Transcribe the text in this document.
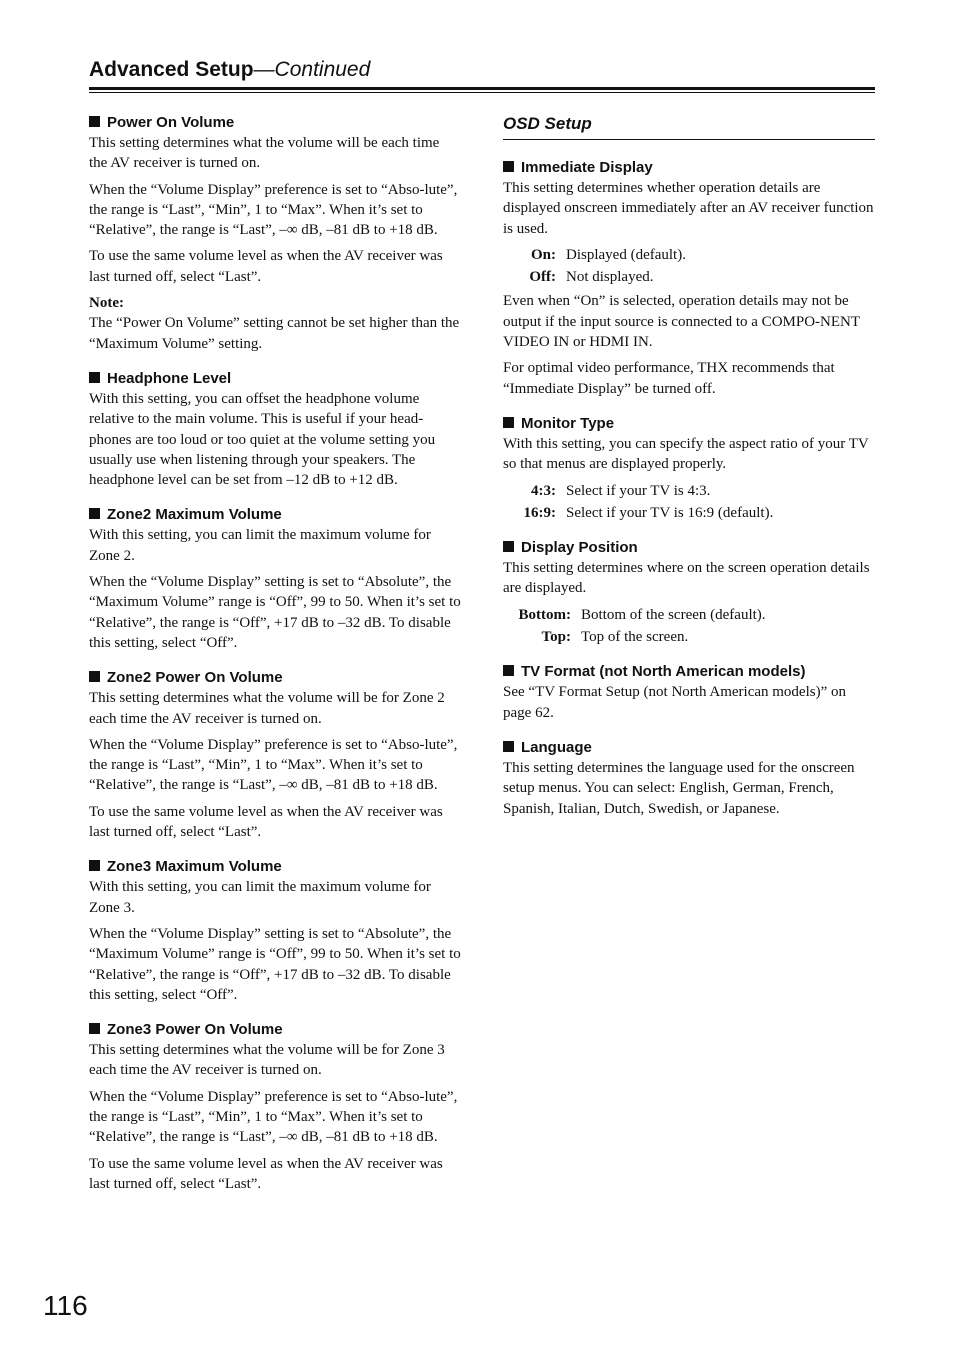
Advanced Setup—Continued
Power On Volume

This setting determines what the volume will be each time the AV receiver is turned on.

When the “Volume Display” preference is set to “Abso-lute”, the range is “Last”, “Min”, 1 to “Max”. When it’s set to “Relative”, the range is “Last”, –∞ dB, –81 dB to +18 dB.

To use the same volume level as when the AV receiver was last turned off, select “Last”.

Note:

The “Power On Volume” setting cannot be set higher than the “Maximum Volume” setting.

Headphone Level

With this setting, you can offset the headphone volume relative to the main volume. This is useful if your head-phones are too loud or too quiet at the volume setting you usually use when listening through your speakers. The headphone level can be set from –12 dB to +12 dB.

Zone2 Maximum Volume

With this setting, you can limit the maximum volume for Zone 2.

When the “Volume Display” setting is set to “Absolute”, the “Maximum Volume” range is “Off”, 99 to 50. When it’s set to “Relative”, the range is “Off”, +17 dB to –32 dB. To disable this setting, select “Off”.

Zone2 Power On Volume

This setting determines what the volume will be for Zone 2 each time the AV receiver is turned on.

When the “Volume Display” preference is set to “Abso-lute”, the range is “Last”, “Min”, 1 to “Max”. When it’s set to “Relative”, the range is “Last”, –∞ dB, –81 dB to +18 dB.

To use the same volume level as when the AV receiver was last turned off, select “Last”.

Zone3 Maximum Volume

With this setting, you can limit the maximum volume for Zone 3.

When the “Volume Display” setting is set to “Absolute”, the “Maximum Volume” range is “Off”, 99 to 50. When it’s set to “Relative”, the range is “Off”, +17 dB to –32 dB. To disable this setting, select “Off”.

Zone3 Power On Volume

This setting determines what the volume will be for Zone 3 each time the AV receiver is turned on.

When the “Volume Display” preference is set to “Abso-lute”, the range is “Last”, “Min”, 1 to “Max”. When it’s set to “Relative”, the range is “Last”, –∞ dB, –81 dB to +18 dB.

To use the same volume level as when the AV receiver was last turned off, select “Last”.

OSD Setup
Immediate Display

This setting determines whether operation details are displayed onscreen immediately after an AV receiver function is used.

On: Displayed (default).
Off: Not displayed.

Even when “On” is selected, operation details may not be output if the input source is connected to a COMPO-NENT VIDEO IN or HDMI IN.

For optimal video performance, THX recommends that “Immediate Display” be turned off.

Monitor Type

With this setting, you can specify the aspect ratio of your TV so that menus are displayed properly.

4:3: Select if your TV is 4:3.
16:9: Select if your TV is 16:9 (default).
Display Position

This setting determines where on the screen operation details are displayed.

Bottom: Bottom of the screen (default).
Top: Top of the screen.
TV Format (not North American models)

See “TV Format Setup (not North American models)” on page 62.

Language

This setting determines the language used for the onscreen setup menus. You can select: English, German, French, Spanish, Italian, Dutch, Swedish, or Japanese.

116
